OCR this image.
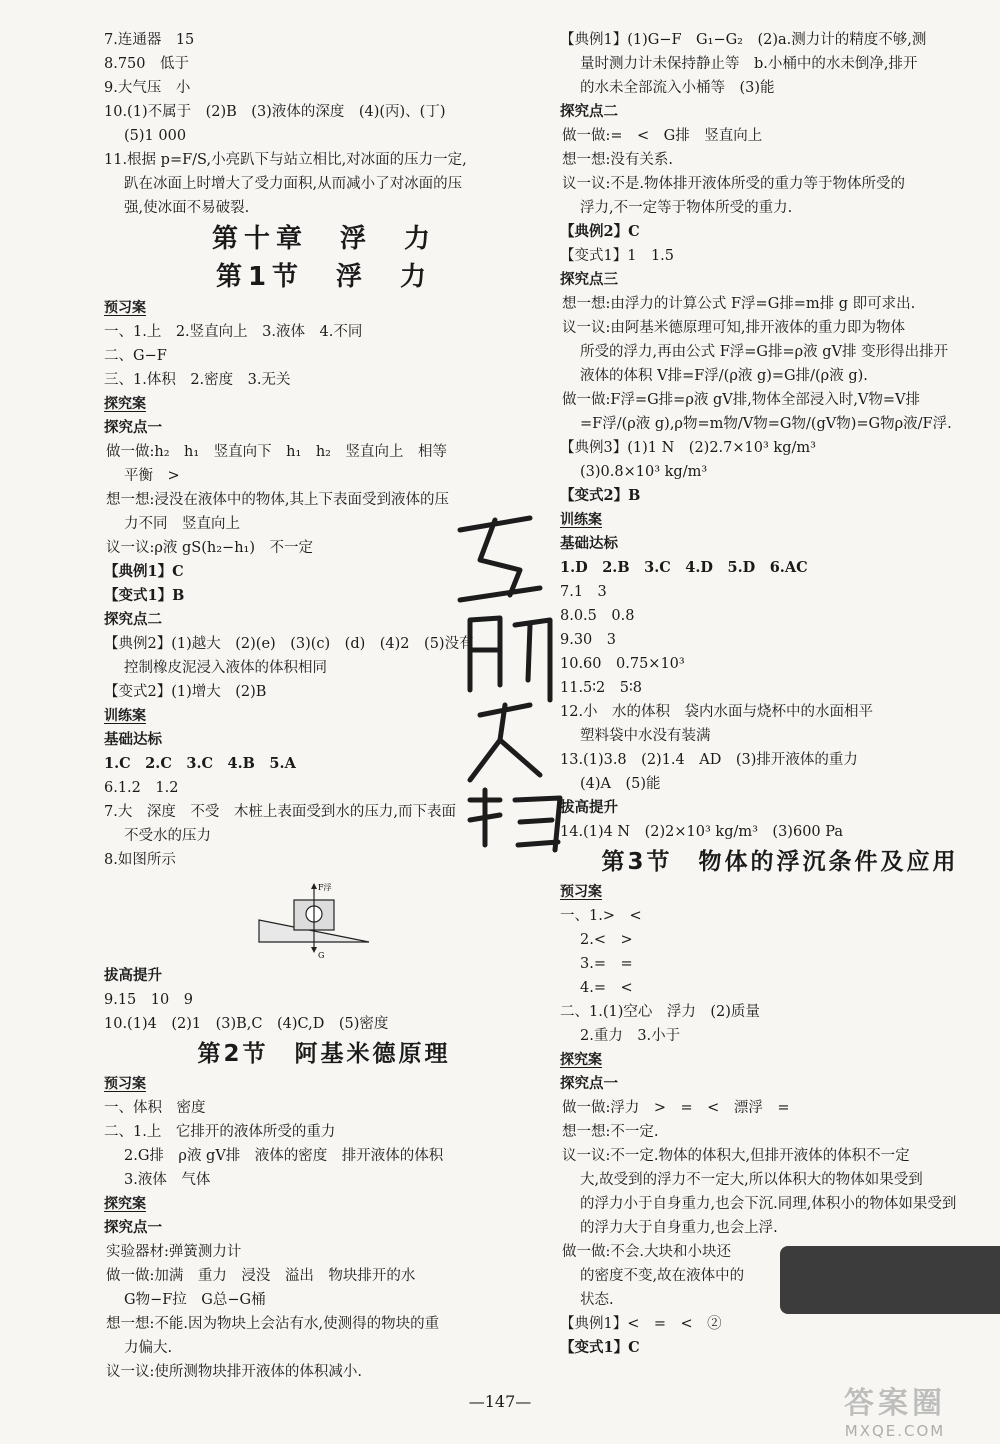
7.连通器　15
8.750　低于
9.大气压　小
10.(1)不属于　(2)B　(3)液体的深度　(4)(丙)、(丁)
(5)1 000
11.根据 p=F/S,小亮趴下与站立相比,对冰面的压力一定,
趴在冰面上时增大了受力面积,从而减小了对冰面的压
强,使冰面不易破裂.
第十章　浮　力
第1节　浮　力
预习案
一、1.上　2.竖直向上　3.液体　4.不同
二、G−F
三、1.体积　2.密度　3.无关
探究案
探究点一
做一做:h₂　h₁　竖直向下　h₁　h₂　竖直向上　相等
平衡　>
想一想:浸没在液体中的物体,其上下表面受到液体的压
力不同　竖直向上
议一议:ρ液 gS(h₂−h₁)　不一定
【典例1】C
【变式1】B
探究点二
【典例2】(1)越大　(2)(e)　(3)(c)　(d)　(4)2　(5)没有
控制橡皮泥浸入液体的体积相同
【变式2】(1)增大　(2)B
训练案
基础达标
1.C　2.C　3.C　4.B　5.A
6.1.2　1.2
7.大　深度　不受　木桩上表面受到水的压力,而下表面
不受水的压力
8.如图所示
F浮
G
拔高提升
9.15　10　9
10.(1)4　(2)1　(3)B,C　(4)C,D　(5)密度
第2节　阿基米德原理
预习案
一、体积　密度
二、1.上　它排开的液体所受的重力
2.G排　ρ液 gV排　液体的密度　排开液体的体积
3.液体　气体
探究案
探究点一
实验器材:弹簧测力计
做一做:加满　重力　浸没　溢出　物块排开的水
G物−F拉　G总−G桶
想一想:不能.因为物块上会沾有水,使测得的物块的重
力偏大.
议一议:使所测物块排开液体的体积减小.
【典例1】(1)G−F　G₁−G₂　(2)a.测力计的精度不够,测
量时测力计未保持静止等　b.小桶中的水未倒净,排开
的水未全部流入小桶等　(3)能
探究点二
做一做:=　<　G排　竖直向上
想一想:没有关系.
议一议:不是.物体排开液体所受的重力等于物体所受的
浮力,不一定等于物体所受的重力.
【典例2】C
【变式1】1　1.5
探究点三
想一想:由浮力的计算公式 F浮=G排=m排 g 即可求出.
议一议:由阿基米德原理可知,排开液体的重力即为物体
所受的浮力,再由公式 F浮=G排=ρ液 gV排 变形得出排开
液体的体积 V排=F浮/(ρ液 g)=G排/(ρ液 g).
做一做:F浮=G排=ρ液 gV排,物体全部浸入时,V物=V排
=F浮/(ρ液 g),ρ物=m物/V物=G物/(gV物)=G物ρ液/F浮.
【典例3】(1)1 N　(2)2.7×10³ kg/m³
(3)0.8×10³ kg/m³
【变式2】B
训练案
基础达标
1.D　2.B　3.C　4.D　5.D　6.AC
7.1　3
8.0.5　0.8
9.30　3
10.60　0.75×10³
11.5∶2　5∶8
12.小　水的体积　袋内水面与烧杯中的水面相平
塑料袋中水没有装满
13.(1)3.8　(2)1.4　AD　(3)排开液体的重力
(4)A　(5)能
拔高提升
14.(1)4 N　(2)2×10³ kg/m³　(3)600 Pa
第3节　物体的浮沉条件及应用
预习案
一、1.>　<
2.<　>
3.=　=
4.=　<
二、1.(1)空心　浮力　(2)质量
2.重力　3.小于
探究案
探究点一
做一做:浮力　>　=　<　漂浮　=
想一想:不一定.
议一议:不一定.物体的体积大,但排开液体的体积不一定
大,故受到的浮力不一定大,所以体积大的物体如果受到
的浮力小于自身重力,也会下沉.同理,体积小的物体如果受到
的浮力大于自身重力,也会上浮.
做一做:不会.大块和小块还
的密度不变,故在液体中的
状态.
【典例1】<　=　<　②
【变式1】C
—147—	答案圈
MXQE.COM
